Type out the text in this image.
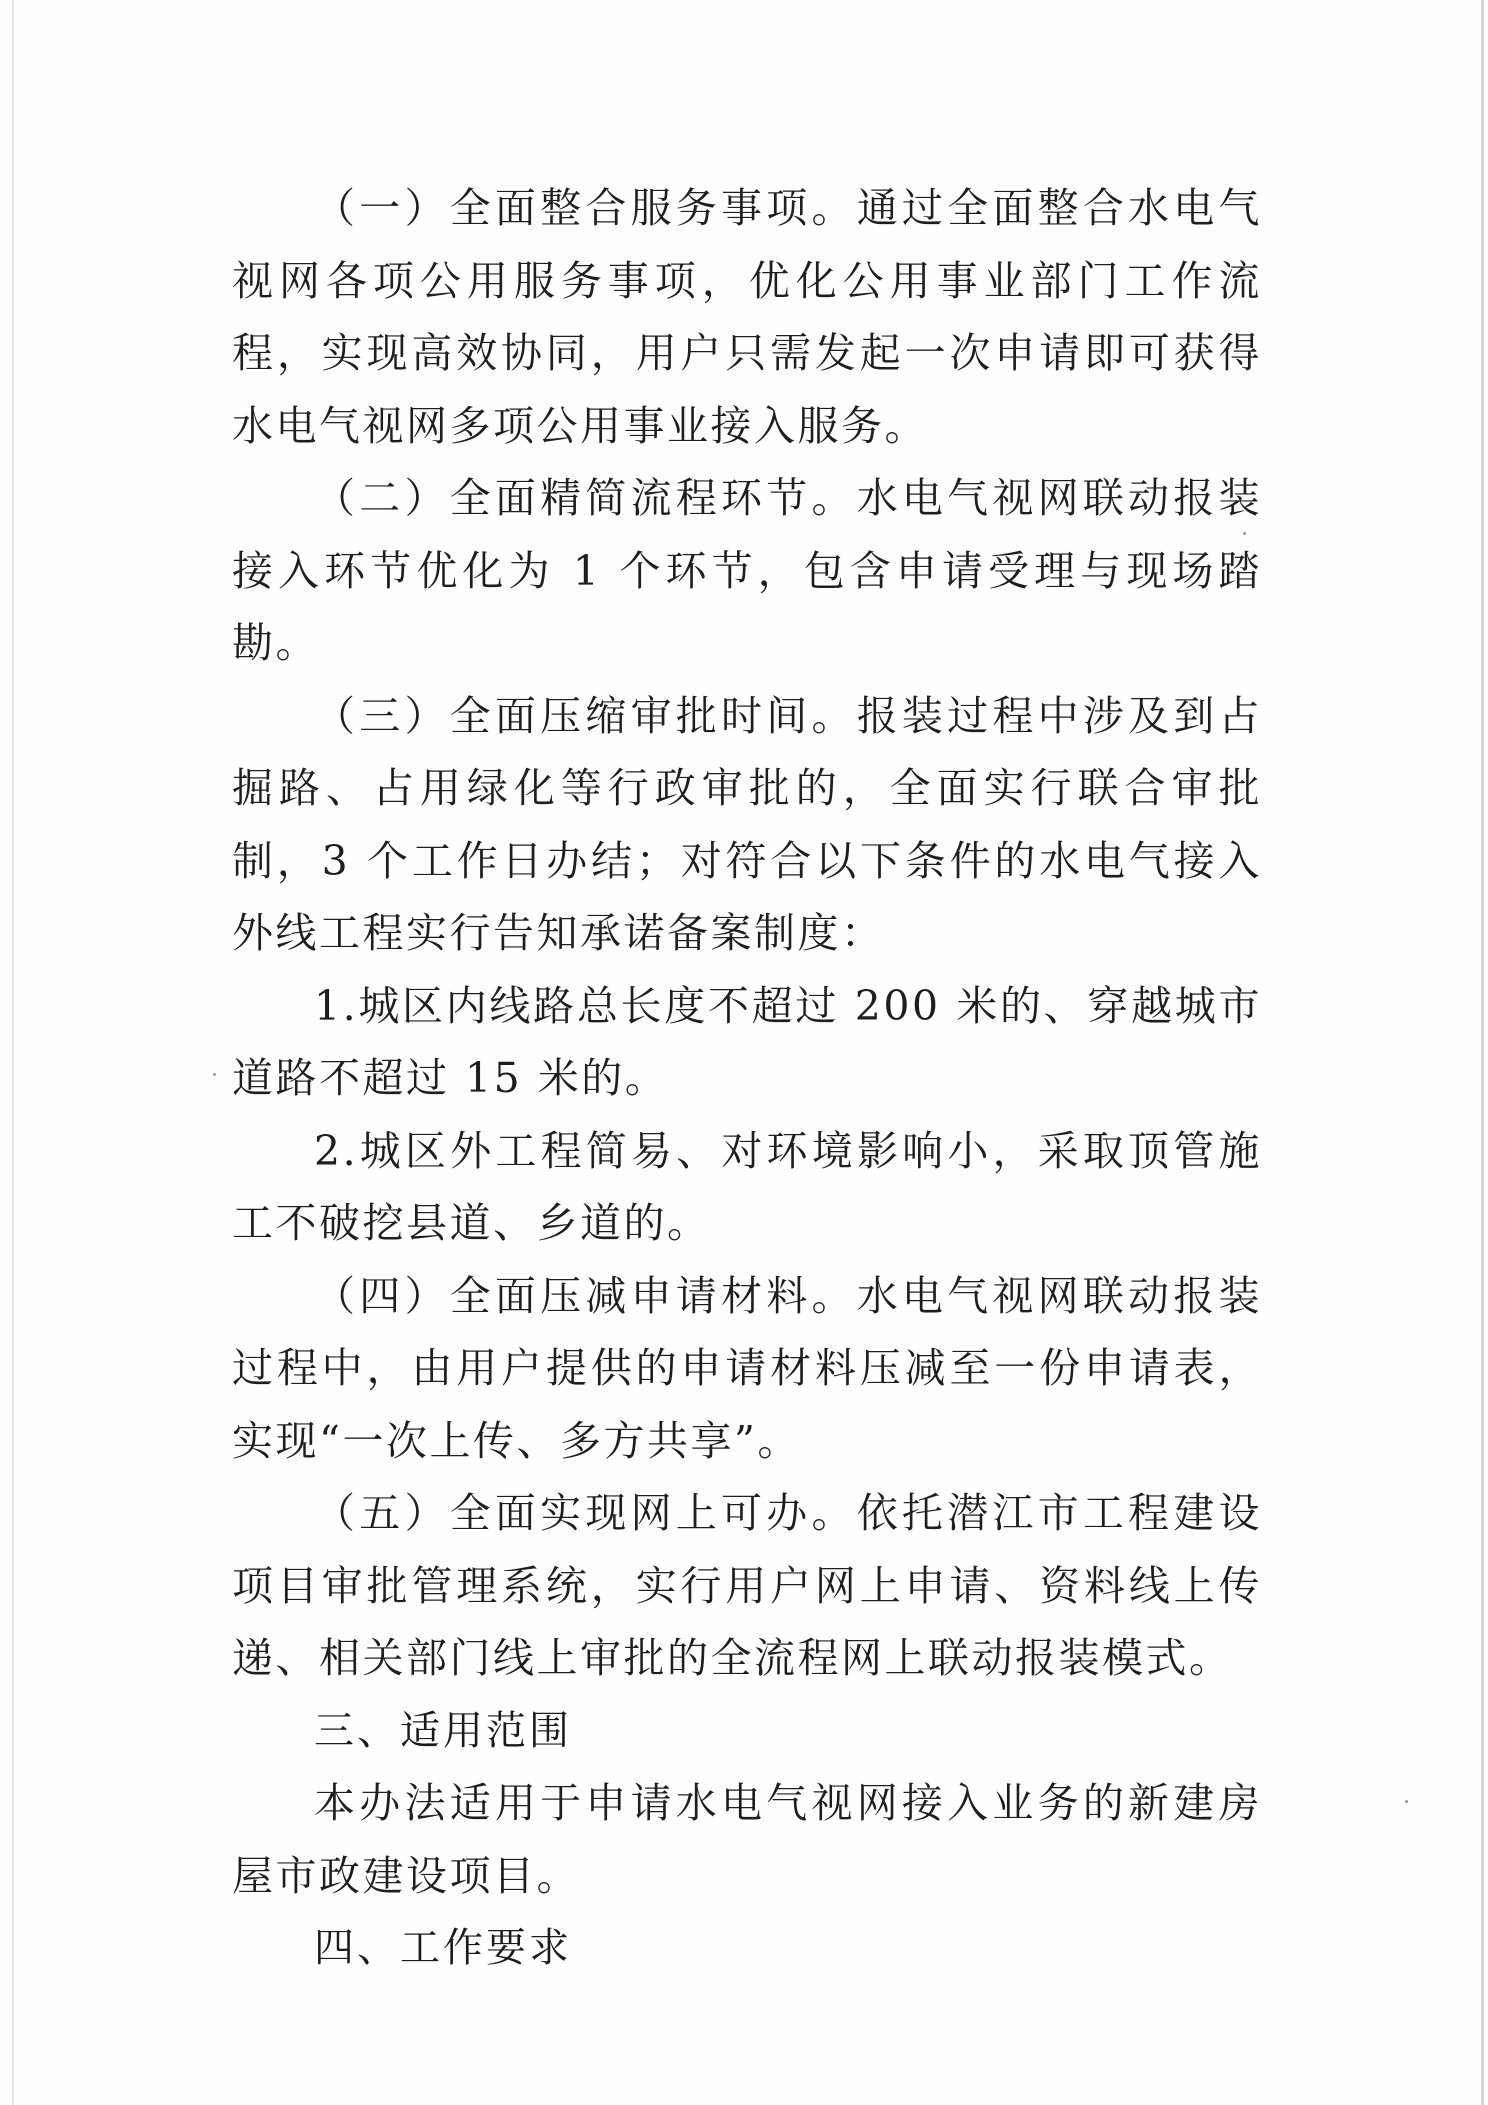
（一）全面整合服务事项。通过全面整合水电气视网各项公用服务事项，优化公用事业部门工作流程，实现高效协同，用户只需发起一次申请即可获得水电气视网多项公用事业接入服务。

（二）全面精简流程环节。水电气视网联动报装接入环节优化为 1 个环节，包含申请受理与现场踏勘。

（三）全面压缩审批时间。报装过程中涉及到占掘路、占用绿化等行政审批的，全面实行联合审批制，3 个工作日办结；对符合以下条件的水电气接入外线工程实行告知承诺备案制度：

1.城区内线路总长度不超过 200 米的、穿越城市道路不超过 15 米的。

2.城区外工程简易、对环境影响小，采取顶管施工不破挖县道、乡道的。

（四）全面压减申请材料。水电气视网联动报装过程中，由用户提供的申请材料压减至一份申请表，实现“一次上传、多方共享”。

（五）全面实现网上可办。依托潜江市工程建设项目审批管理系统，实行用户网上申请、资料线上传递、相关部门线上审批的全流程网上联动报装模式。

三、适用范围

本办法适用于申请水电气视网接入业务的新建房屋市政建设项目。

四、工作要求
